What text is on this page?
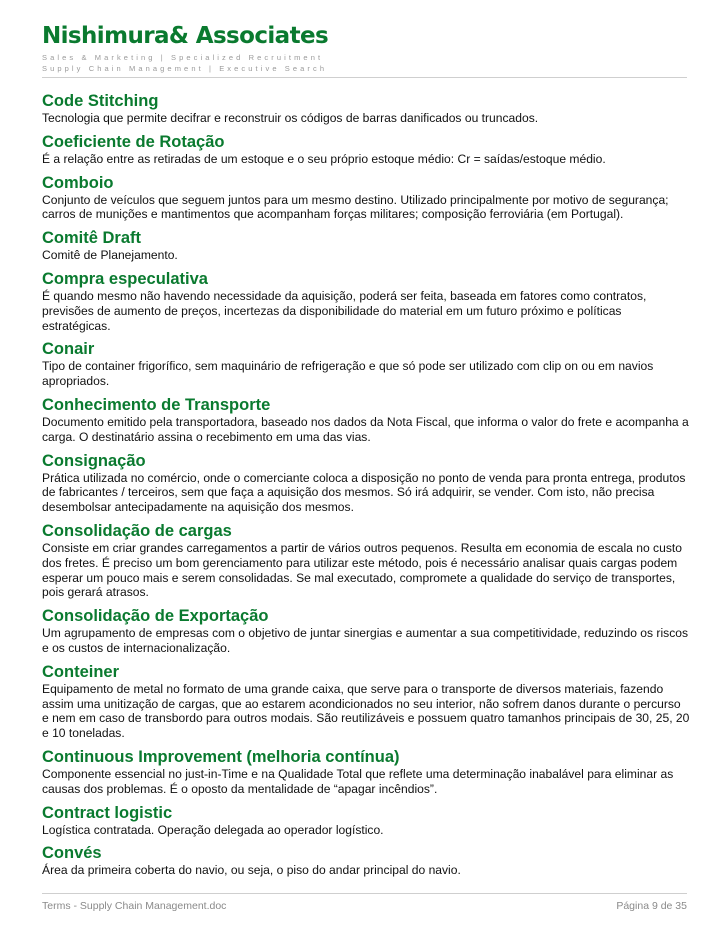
Nishimura& Associates
Sales & Marketing | Specialized Recruitment
Supply Chain Management | Executive Search
Code Stitching

Tecnologia que permite decifrar e reconstruir os códigos de barras danificados ou truncados.

Coeficiente de Rotação

É a relação entre as retiradas de um estoque e o seu próprio estoque médio: Cr = saídas/estoque médio.

Comboio

Conjunto de veículos que seguem juntos para um mesmo destino. Utilizado principalmente por motivo de segurança; carros de munições e mantimentos que acompanham forças militares; composição ferroviária (em Portugal).

Comitê Draft

Comitê de Planejamento.

Compra especulativa

É quando mesmo não havendo necessidade da aquisição, poderá ser feita, baseada em fatores como contratos, previsões de aumento de preços, incertezas da disponibilidade do material em um futuro próximo e políticas estratégicas.

Conair

Tipo de container frigorífico, sem maquinário de refrigeração e que só pode ser utilizado com clip on ou em navios apropriados.

Conhecimento de Transporte

Documento emitido pela transportadora, baseado nos dados da Nota Fiscal, que informa o valor do frete e acompanha a carga. O destinatário assina o recebimento em uma das vias.

Consignação

Prática utilizada no comércio, onde o comerciante coloca a disposição no ponto de venda para pronta entrega, produtos de fabricantes / terceiros, sem que faça a aquisição dos mesmos. Só irá adquirir, se vender. Com isto, não precisa desembolsar antecipadamente na aquisição dos mesmos.

Consolidação de cargas

Consiste em criar grandes carregamentos a partir de vários outros pequenos. Resulta em economia de escala no custo dos fretes. É preciso um bom gerenciamento para utilizar este método, pois é necessário analisar quais cargas podem esperar um pouco mais e serem consolidadas. Se mal executado, compromete a qualidade do serviço de transportes, pois gerará atrasos.

Consolidação de Exportação

Um agrupamento de empresas com o objetivo de juntar sinergias e aumentar a sua competitividade, reduzindo os riscos e os custos de internacionalização.

Conteiner

Equipamento de metal no formato de uma grande caixa, que serve para o transporte de diversos materiais, fazendo assim uma unitização de cargas, que ao estarem acondicionados no seu interior, não sofrem danos durante o percurso e nem em caso de transbordo para outros modais. São reutilizáveis e possuem quatro tamanhos principais de 30, 25, 20 e 10 toneladas.

Continuous Improvement (melhoria contínua)

Componente essencial no just-in-Time e na Qualidade Total que reflete uma determinação inabalável para eliminar as causas dos problemas. É o oposto da mentalidade de “apagar incêndios”.

Contract logistic

Logística contratada. Operação delegada ao operador logístico.

Convés

Área da primeira coberta do navio, ou seja, o piso do andar principal do navio.

Terms - Supply Chain Management.doc	Página 9 de 35
